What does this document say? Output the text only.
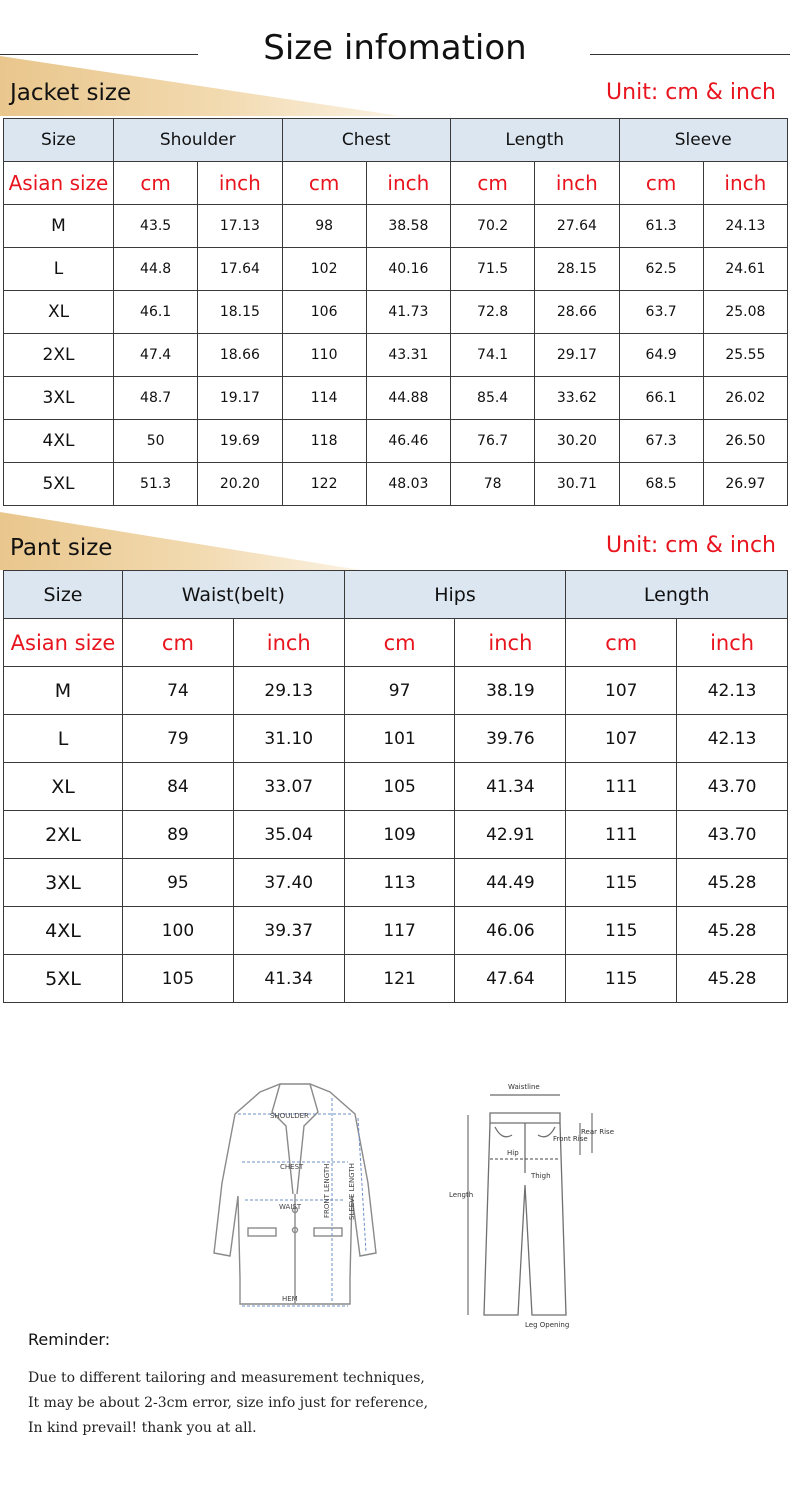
Size infomation
Jacket size	Unit: cm & inch
Size	Shoulder		Chest		Length		Sleeve	
Asian size	cm	inch	cm	inch	cm	inch	cm	inch
M	43.5	17.13	98	38.58	70.2	27.64	61.3	24.13
L	44.8	17.64	102	40.16	71.5	28.15	62.5	24.61
XL	46.1	18.15	106	41.73	72.8	28.66	63.7	25.08
2XL	47.4	18.66	110	43.31	74.1	29.17	64.9	25.55
3XL	48.7	19.17	114	44.88	85.4	33.62	66.1	26.02
4XL	50	19.69	118	46.46	76.7	30.20	67.3	26.50
5XL	51.3	20.20	122	48.03	78	30.71	68.5	26.97
Pant size	Unit: cm & inch
Size	Waist(belt)		Hips		Length	
Asian size	cm	inch	cm	inch	cm	inch
M	74	29.13	97	38.19	107	42.13
L	79	31.10	101	39.76	107	42.13
XL	84	33.07	105	41.34	111	43.70
2XL	89	35.04	109	42.91	111	43.70
3XL	95	37.40	113	44.49	115	45.28
4XL	100	39.37	117	46.06	115	45.28
5XL	105	41.34	121	47.64	115	45.28
SHOULDER
CHEST
WAIST
HEM
FRONT LENGTH SLEEVE LENGTH
Waistline
Rear Rise
Front Rise
Hip
Thigh
Length
Leg Opening
Reminder:
Due to different tailoring and measurement techniques,
It may be about 2-3cm error, size info just for reference,
In kind prevail! thank you at all.
